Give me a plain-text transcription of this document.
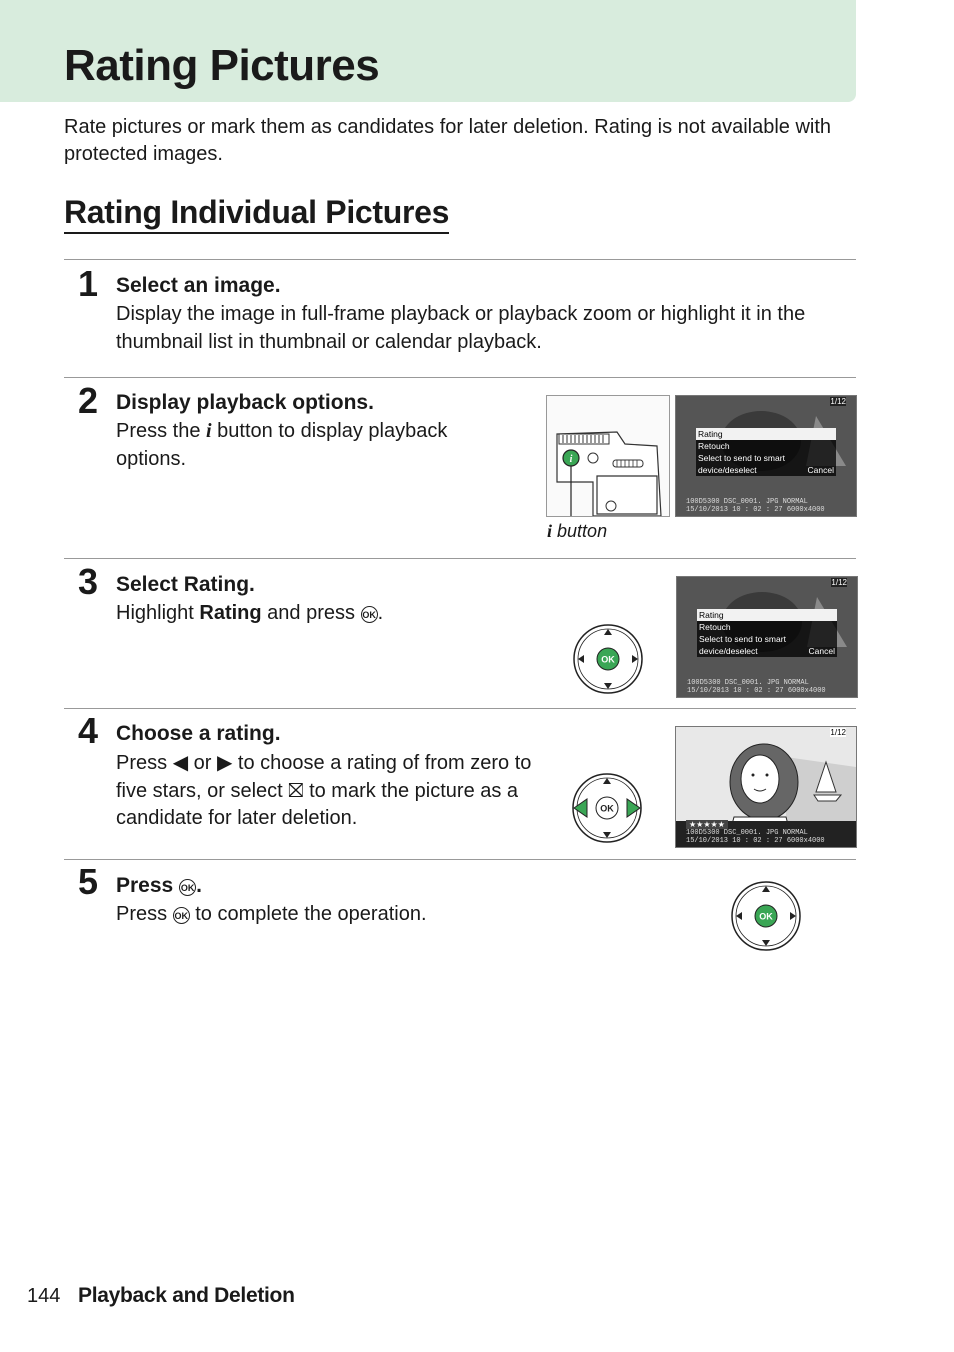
Rating Pictures
Rate pictures or mark them as candidates for later deletion. Rating is not available with protected images.
Rating Individual Pictures
1 Select an image.
Display the image in full-frame playback or playback zoom or highlight it in the thumbnail list in thumbnail or calendar playback.
2 Display playback options.
Press the i button to display playback options.	i
i button
1/12
Rating
Retouch
Select to send to smart device/deselect	Cancel
100D5300 DSC_0001. JPG NORMAL
15/10/2013 10 : 02 : 27 6000x4000
3 Select Rating.
Highlight Rating and press OK.
OK
1/12
Rating
Retouch
Select to send to smart device/deselect	Cancel
100D5300 DSC_0001. JPG NORMAL
15/10/2013 10 : 02 : 27 6000x4000
4 Choose a rating.
Press ◀ or ▶ to choose a rating of from zero to five stars, or select ⛝ to mark the picture as a candidate for later deletion.	OK
1/12
★★★★★
100D5300 DSC_0001. JPG NORMAL
15/10/2013 10 : 02 : 27 6000x4000
5 Press OK.
Press OK to complete the operation.	OK
144 Playback and Deletion
